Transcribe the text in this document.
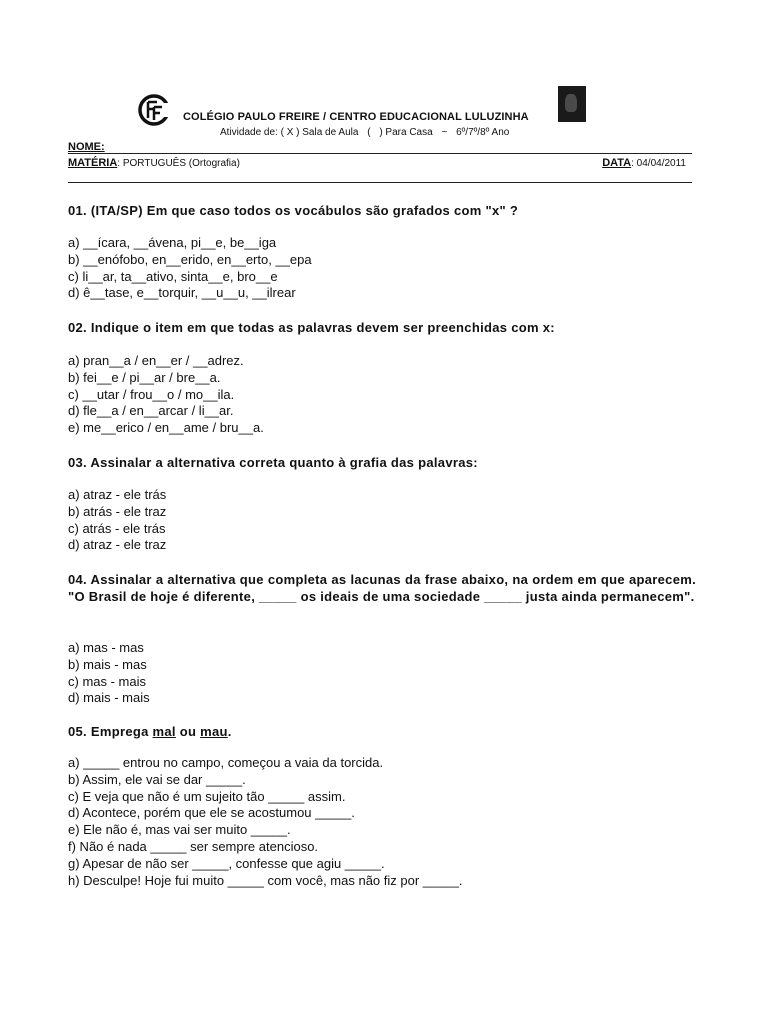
COLÉGIO PAULO FREIRE / CENTRO EDUCACIONAL LULUZINHA
Atividade de: ( X ) Sala de Aula ( ) Para Casa ~ 6º/7º/8º Ano
NOME:
MATÉRIA: PORTUGUÊS (Ortografia)	DATA: 04/04/2011
01. (ITA/SP) Em que caso todos os vocábulos são grafados com "x" ?
a) __ícara, __ávena, pi__e, be__iga
b) __enófobo, en__erido, en__erto, __epa
c) li__ar, ta__ativo, sinta__e, bro__e
d) ê__tase, e__torquir, __u__u, __ilrear
02. Indique o item em que todas as palavras devem ser preenchidas com x:
a) pran__a / en__er / __adrez.
b) fei__e / pi__ar / bre__a.
c) __utar / frou__o / mo__ila.
d) fle__a / en__arcar / li__ar.
e) me__erico / en__ame / bru__a.
03. Assinalar a alternativa correta quanto à grafia das palavras:
a) atraz - ele trás
b) atrás - ele traz
c) atrás - ele trás
d) atraz - ele traz
04. Assinalar a alternativa que completa as lacunas da frase abaixo, na ordem em que aparecem. "O Brasil de hoje é diferente, _____ os ideais de uma sociedade _____ justa ainda permanecem".
a) mas - mas
b) mais - mas
c) mas - mais
d) mais - mais
05. Emprega mal ou mau.
a) _____ entrou no campo, começou a vaia da torcida.
b) Assim, ele vai se dar _____.
c) E veja que não é um sujeito tão _____ assim.
d) Acontece, porém que ele se acostumou _____.
e) Ele não é, mas vai ser muito _____.
f) Não é nada _____ ser sempre atencioso.
g) Apesar de não ser _____, confesse que agiu _____.
h) Desculpe! Hoje fui muito _____ com você, mas não fiz por _____.
